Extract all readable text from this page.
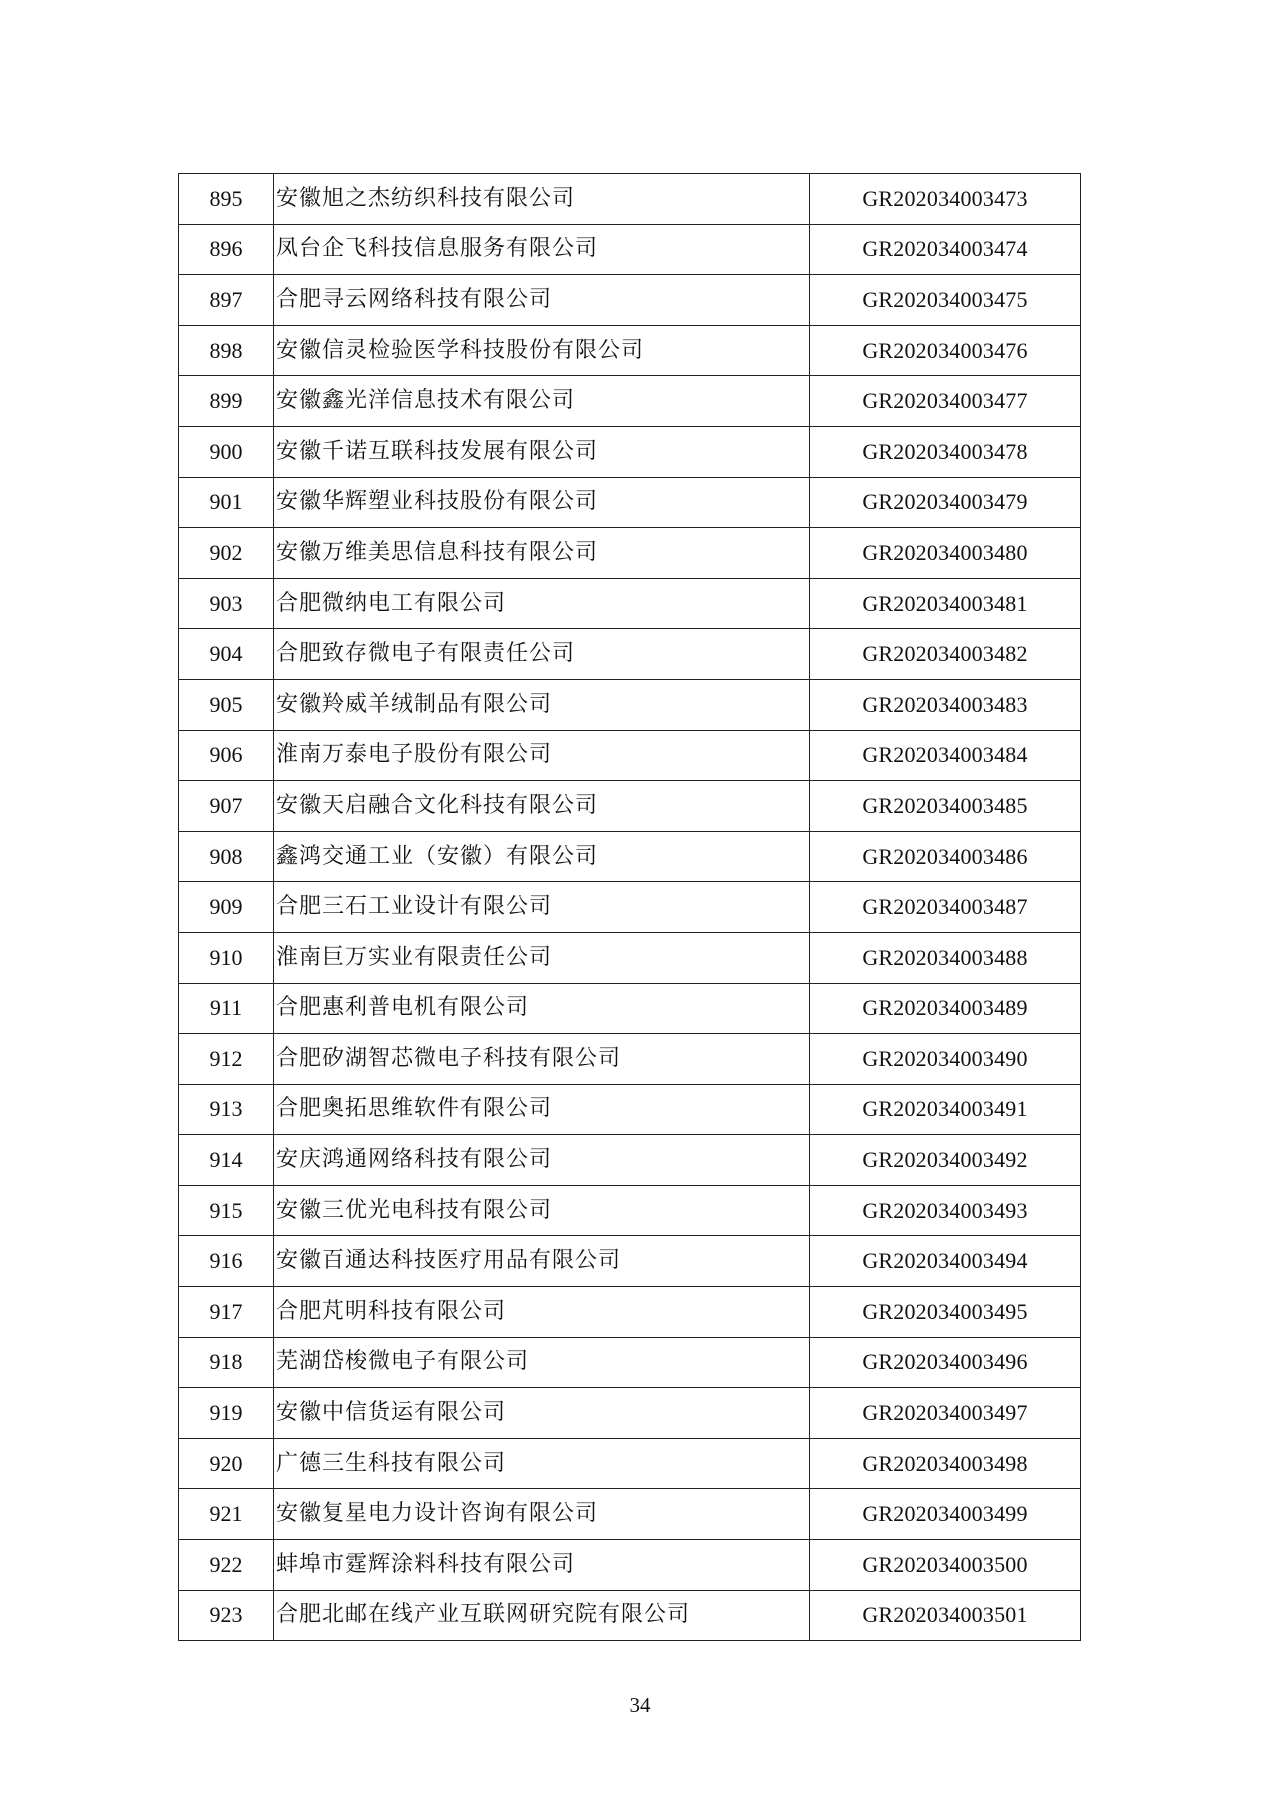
895	安徽旭之杰纺织科技有限公司	GR202034003473
896	凤台企飞科技信息服务有限公司	GR202034003474
897	合肥寻云网络科技有限公司	GR202034003475
898	安徽信灵检验医学科技股份有限公司	GR202034003476
899	安徽鑫光洋信息技术有限公司	GR202034003477
900	安徽千诺互联科技发展有限公司	GR202034003478
901	安徽华辉塑业科技股份有限公司	GR202034003479
902	安徽万维美思信息科技有限公司	GR202034003480
903	合肥微纳电工有限公司	GR202034003481
904	合肥致存微电子有限责任公司	GR202034003482
905	安徽羚威羊绒制品有限公司	GR202034003483
906	淮南万泰电子股份有限公司	GR202034003484
907	安徽天启融合文化科技有限公司	GR202034003485
908	鑫鸿交通工业（安徽）有限公司	GR202034003486
909	合肥三石工业设计有限公司	GR202034003487
910	淮南巨万实业有限责任公司	GR202034003488
911	合肥惠利普电机有限公司	GR202034003489
912	合肥矽湖智芯微电子科技有限公司	GR202034003490
913	合肥奥拓思维软件有限公司	GR202034003491
914	安庆鸿通网络科技有限公司	GR202034003492
915	安徽三优光电科技有限公司	GR202034003493
916	安徽百通达科技医疗用品有限公司	GR202034003494
917	合肥芃明科技有限公司	GR202034003495
918	芜湖岱梭微电子有限公司	GR202034003496
919	安徽中信货运有限公司	GR202034003497
920	广德三生科技有限公司	GR202034003498
921	安徽复星电力设计咨询有限公司	GR202034003499
922	蚌埠市霆辉涂料科技有限公司	GR202034003500
923	合肥北邮在线产业互联网研究院有限公司	GR202034003501
34
